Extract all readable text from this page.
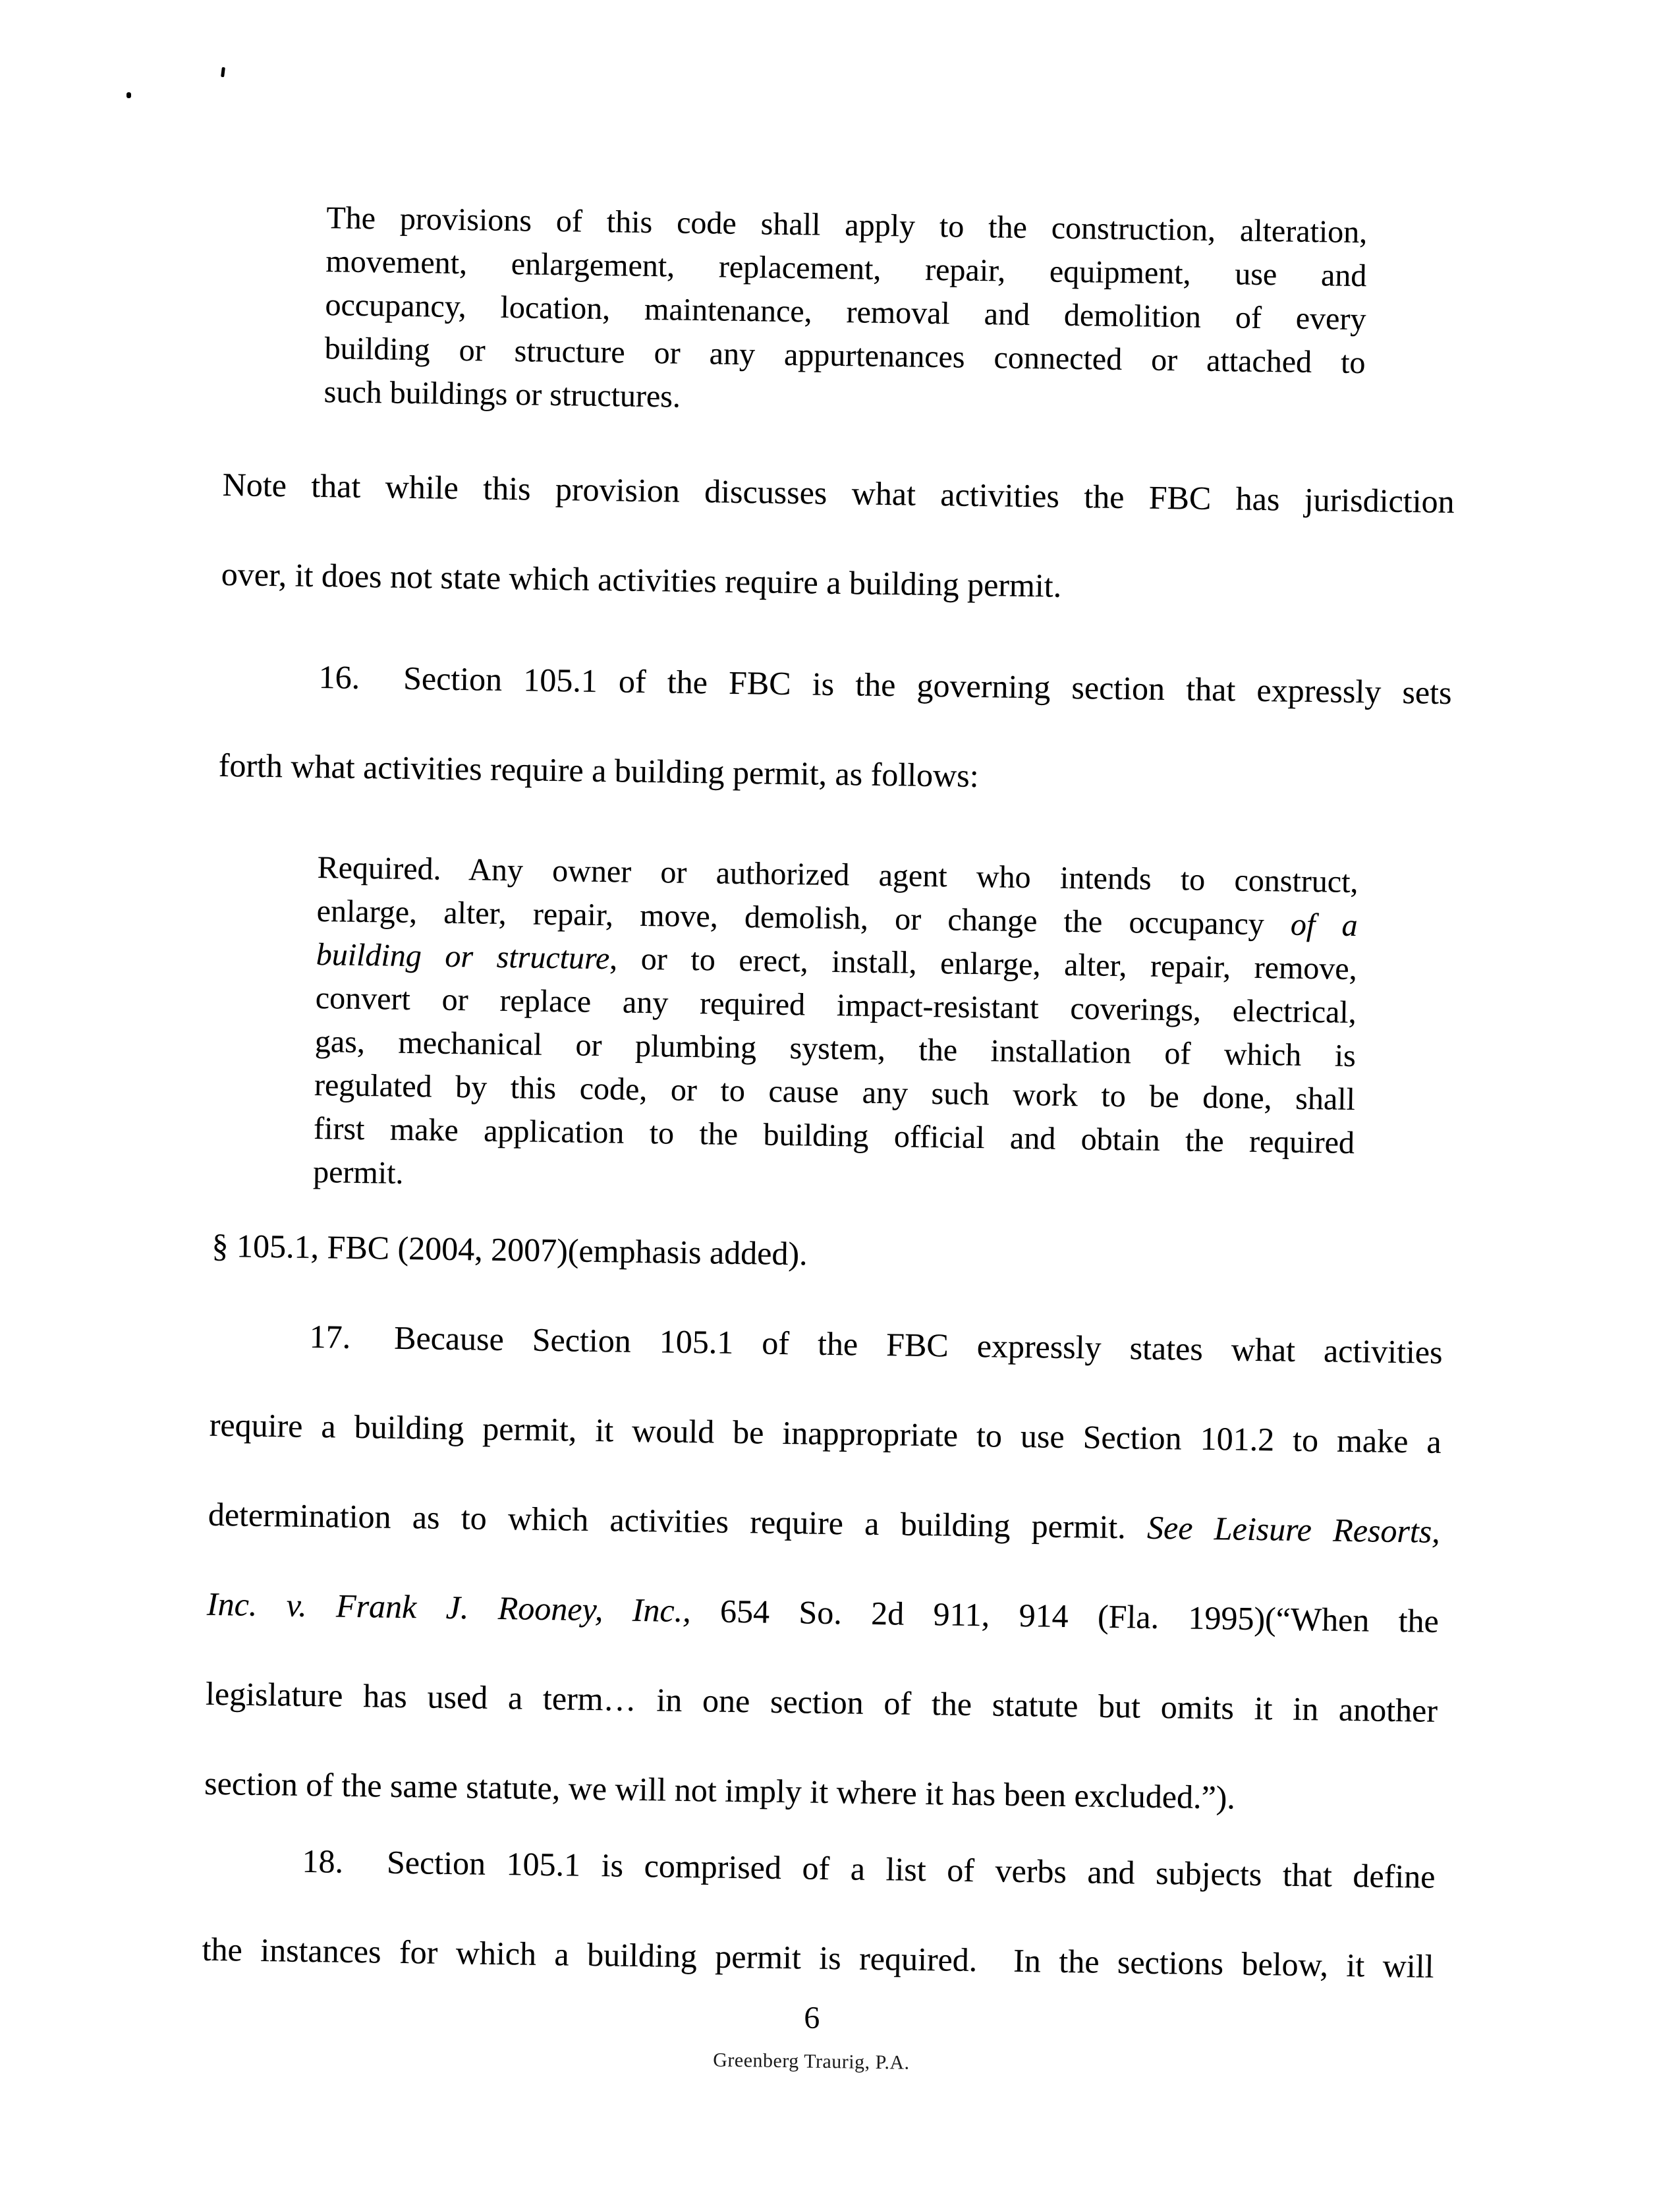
The provisions of this code shall apply to the construction, alteration,
movement, enlargement, replacement, repair, equipment, use and
occupancy, location, maintenance, removal and demolition of every
building or structure or any appurtenances connected or attached to
such buildings or structures.
Note that while this provision discusses what activities the FBC has jurisdiction
over, it does not state which activities require a building permit.
16. Section 105.1 of the FBC is the governing section that expressly sets
forth what activities require a building permit, as follows:
Required. Any owner or authorized agent who intends to construct,
enlarge, alter, repair, move, demolish, or change the occupancy of a
building or structure, or to erect, install, enlarge, alter, repair, remove,
convert or replace any required impact-resistant coverings, electrical,
gas, mechanical or plumbing system, the installation of which is
regulated by this code, or to cause any such work to be done, shall
first make application to the building official and obtain the required
permit.
§ 105.1, FBC (2004, 2007)(emphasis added).
17. Because Section 105.1 of the FBC expressly states what activities
require a building permit, it would be inappropriate to use Section 101.2 to make a
determination as to which activities require a building permit. See Leisure Resorts,
Inc. v. Frank J. Rooney, Inc., 654 So. 2d 911, 914 (Fla. 1995)(“When the
legislature has used a term… in one section of the statute but omits it in another
section of the same statute, we will not imply it where it has been excluded.”).
18. Section 105.1 is comprised of a list of verbs and subjects that define
the instances for which a building permit is required.  In the sections below, it will
6
Greenberg Traurig, P.A.
